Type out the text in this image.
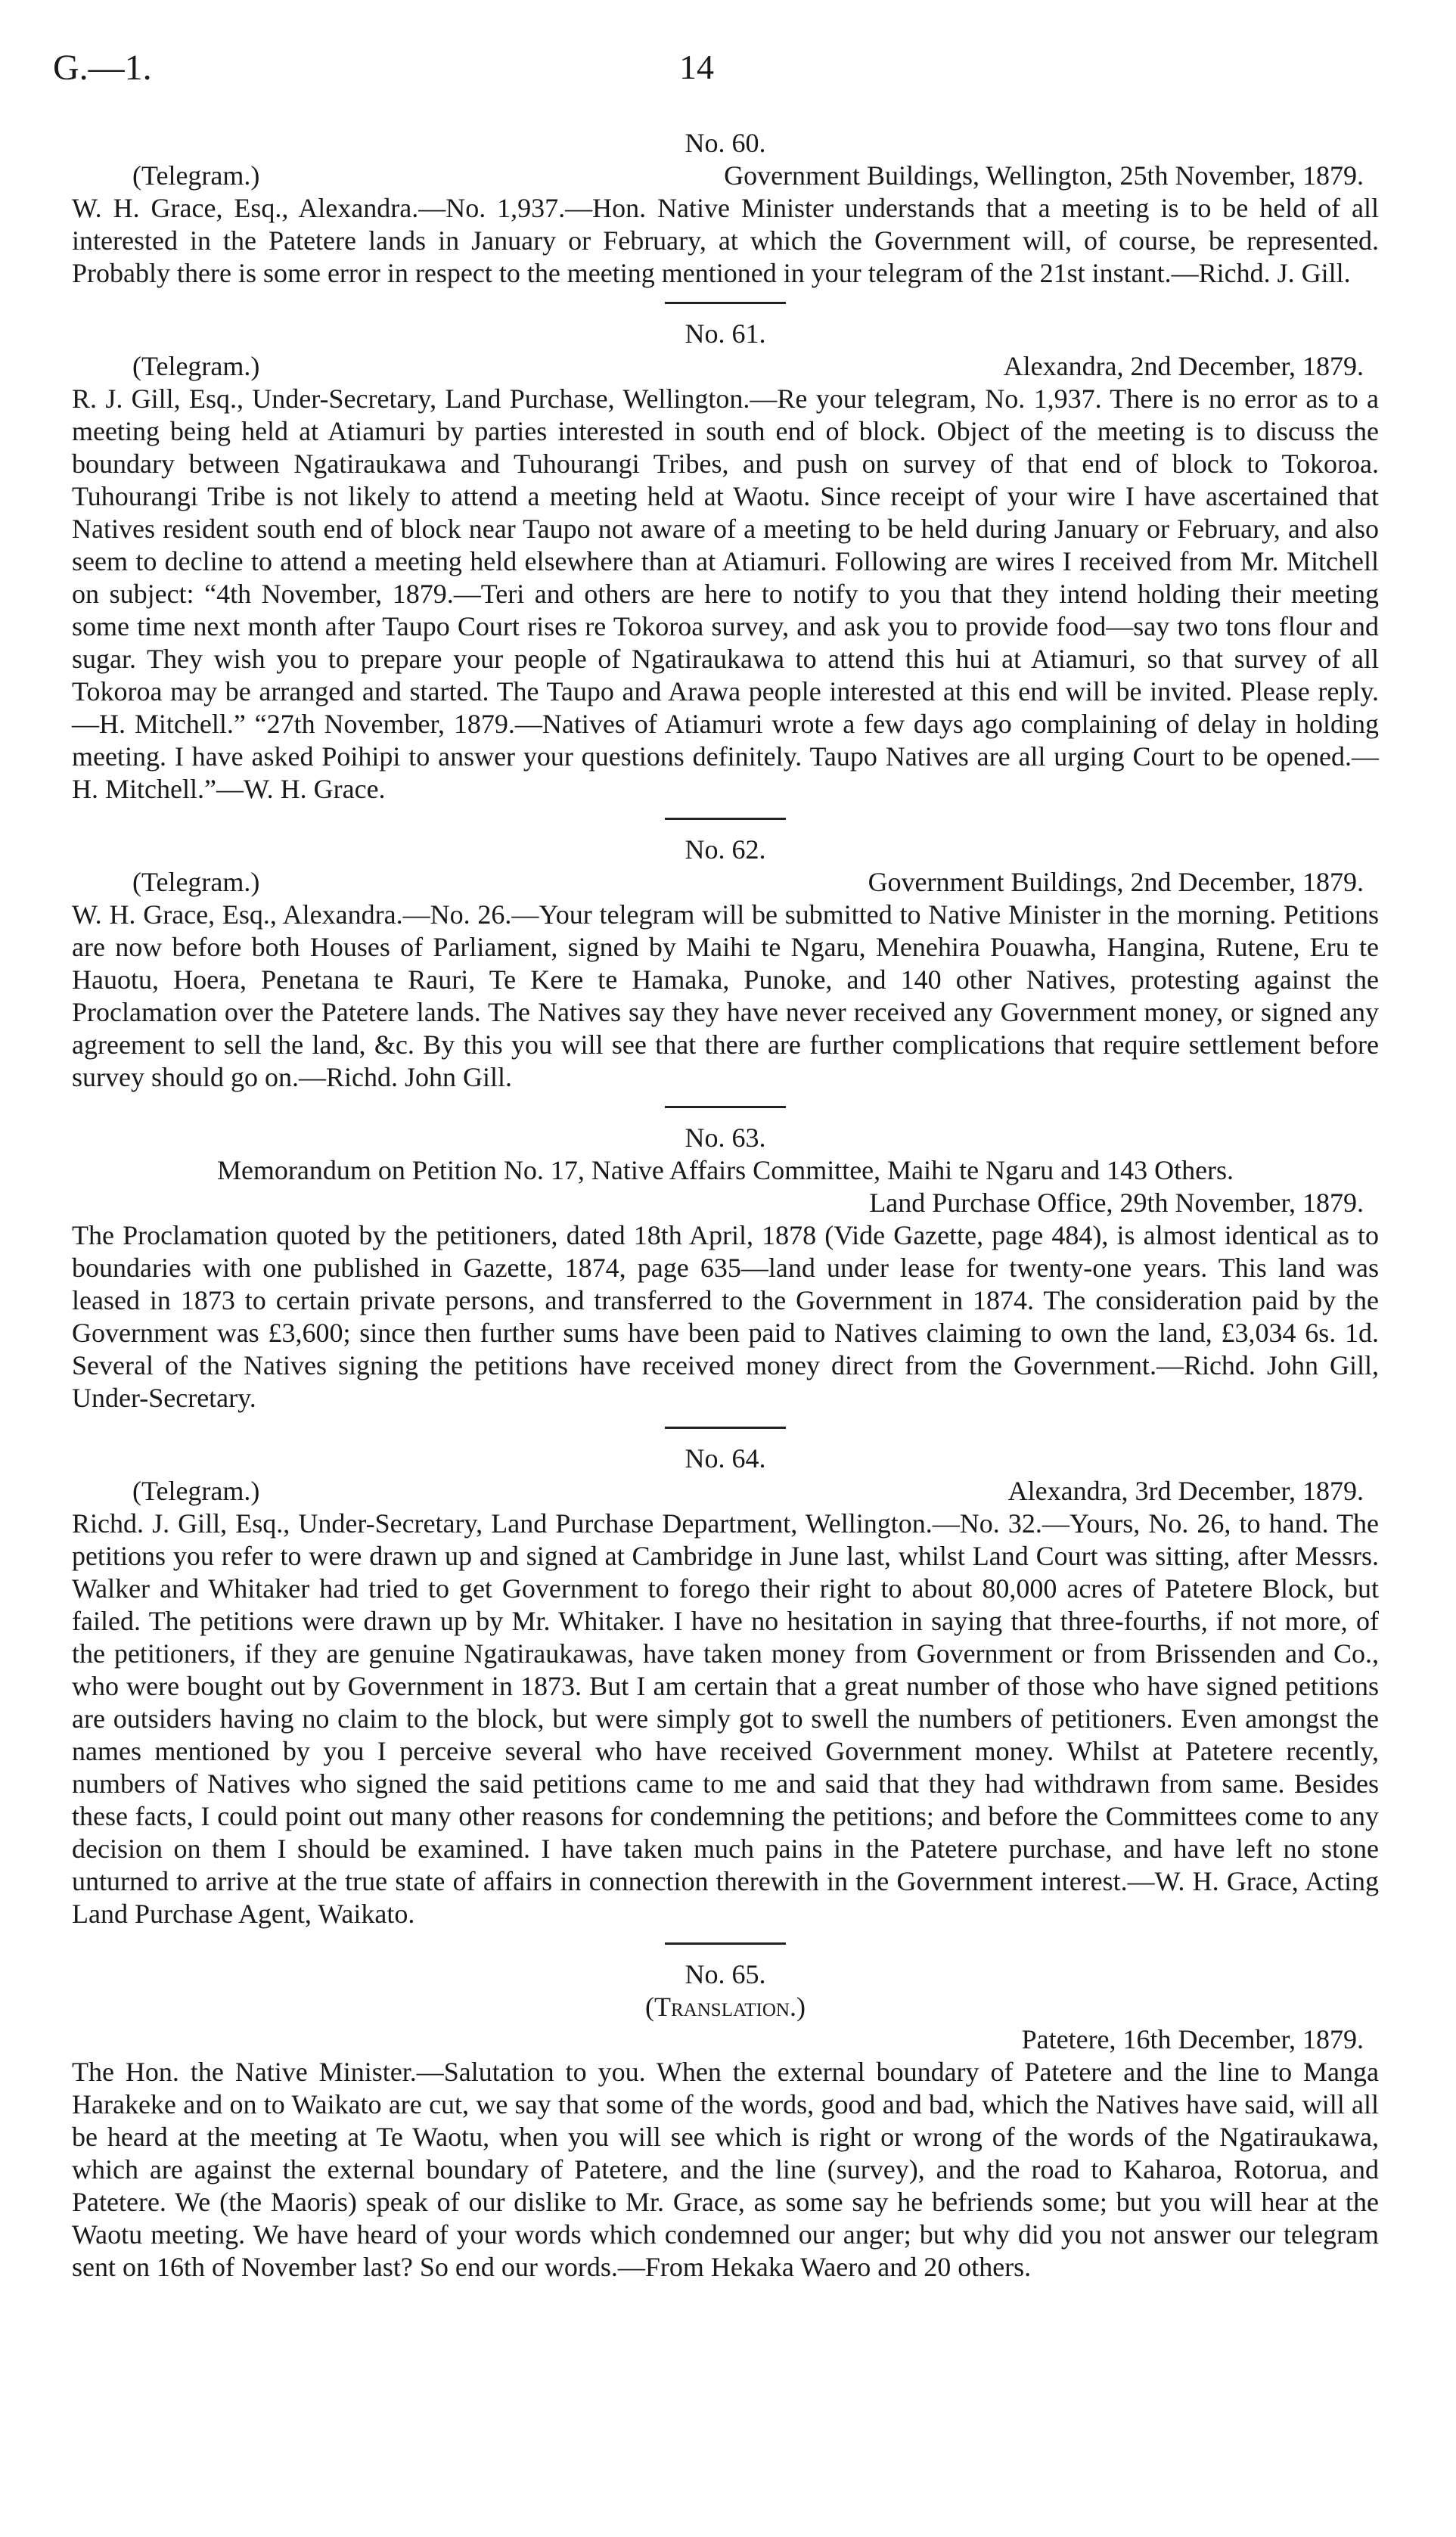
G.—1.	14

No. 60.

(Telegram.)	Government Buildings, Wellington, 25th November, 1879.

W. H. Grace, Esq., Alexandra.—No. 1,937.—Hon. Native Minister understands that a meeting is to be held of all interested in the Patetere lands in January or February, at which the Government will, of course, be represented. Probably there is some error in respect to the meeting mentioned in your telegram of the 21st instant.—Richd. J. Gill.

No. 61.

(Telegram.)	Alexandra, 2nd December, 1879.

R. J. Gill, Esq., Under-Secretary, Land Purchase, Wellington.—Re your telegram, No. 1,937. There is no error as to a meeting being held at Atiamuri by parties interested in south end of block. Object of the meeting is to discuss the boundary between Ngatiraukawa and Tuhourangi Tribes, and push on survey of that end of block to Tokoroa. Tuhourangi Tribe is not likely to attend a meeting held at Waotu. Since receipt of your wire I have ascertained that Natives resident south end of block near Taupo not aware of a meeting to be held during January or February, and also seem to decline to attend a meeting held elsewhere than at Atiamuri. Following are wires I received from Mr. Mitchell on subject: “4th November, 1879.—Teri and others are here to notify to you that they intend holding their meeting some time next month after Taupo Court rises re Tokoroa survey, and ask you to provide food—say two tons flour and sugar. They wish you to prepare your people of Ngatiraukawa to attend this hui at Atiamuri, so that survey of all Tokoroa may be arranged and started. The Taupo and Arawa people interested at this end will be invited. Please reply.—H. Mitchell.” “27th November, 1879.—Natives of Atiamuri wrote a few days ago complaining of delay in holding meeting. I have asked Poihipi to answer your questions definitely. Taupo Natives are all urging Court to be opened.—H. Mitchell.”—W. H. Grace.

No. 62.

(Telegram.)	Government Buildings, 2nd December, 1879.

W. H. Grace, Esq., Alexandra.—No. 26.—Your telegram will be submitted to Native Minister in the morning. Petitions are now before both Houses of Parliament, signed by Maihi te Ngaru, Menehira Pouawha, Hangina, Rutene, Eru te Hauotu, Hoera, Penetana te Rauri, Te Kere te Hamaka, Punoke, and 140 other Natives, protesting against the Proclamation over the Patetere lands. The Natives say they have never received any Government money, or signed any agreement to sell the land, &c. By this you will see that there are further complications that require settlement before survey should go on.—Richd. John Gill.

No. 63.

Memorandum on Petition No. 17, Native Affairs Committee, Maihi te Ngaru and 143 Others.

Land Purchase Office, 29th November, 1879.

The Proclamation quoted by the petitioners, dated 18th April, 1878 (Vide Gazette, page 484), is almost identical as to boundaries with one published in Gazette, 1874, page 635—land under lease for twenty-one years. This land was leased in 1873 to certain private persons, and transferred to the Government in 1874. The consideration paid by the Government was £3,600; since then further sums have been paid to Natives claiming to own the land, £3,034 6s. 1d. Several of the Natives signing the petitions have received money direct from the Government.—Richd. John Gill, Under-Secretary.

No. 64.

(Telegram.)	Alexandra, 3rd December, 1879.

Richd. J. Gill, Esq., Under-Secretary, Land Purchase Department, Wellington.—No. 32.—Yours, No. 26, to hand. The petitions you refer to were drawn up and signed at Cambridge in June last, whilst Land Court was sitting, after Messrs. Walker and Whitaker had tried to get Government to forego their right to about 80,000 acres of Patetere Block, but failed. The petitions were drawn up by Mr. Whitaker. I have no hesitation in saying that three-fourths, if not more, of the petitioners, if they are genuine Ngatiraukawas, have taken money from Government or from Brissenden and Co., who were bought out by Government in 1873. But I am certain that a great number of those who have signed petitions are outsiders having no claim to the block, but were simply got to swell the numbers of petitioners. Even amongst the names mentioned by you I perceive several who have received Government money. Whilst at Patetere recently, numbers of Natives who signed the said petitions came to me and said that they had withdrawn from same. Besides these facts, I could point out many other reasons for condemning the petitions; and before the Committees come to any decision on them I should be examined. I have taken much pains in the Patetere purchase, and have left no stone unturned to arrive at the true state of affairs in connection therewith in the Government interest.—W. H. Grace, Acting Land Purchase Agent, Waikato.

No. 65.

(Translation.)

Patetere, 16th December, 1879.

The Hon. the Native Minister.—Salutation to you. When the external boundary of Patetere and the line to Manga Harakeke and on to Waikato are cut, we say that some of the words, good and bad, which the Natives have said, will all be heard at the meeting at Te Waotu, when you will see which is right or wrong of the words of the Ngatiraukawa, which are against the external boundary of Patetere, and the line (survey), and the road to Kaharoa, Rotorua, and Patetere. We (the Maoris) speak of our dislike to Mr. Grace, as some say he befriends some; but you will hear at the Waotu meeting. We have heard of your words which condemned our anger; but why did you not answer our telegram sent on 16th of November last? So end our words.—From Hekaka Waero and 20 others.
